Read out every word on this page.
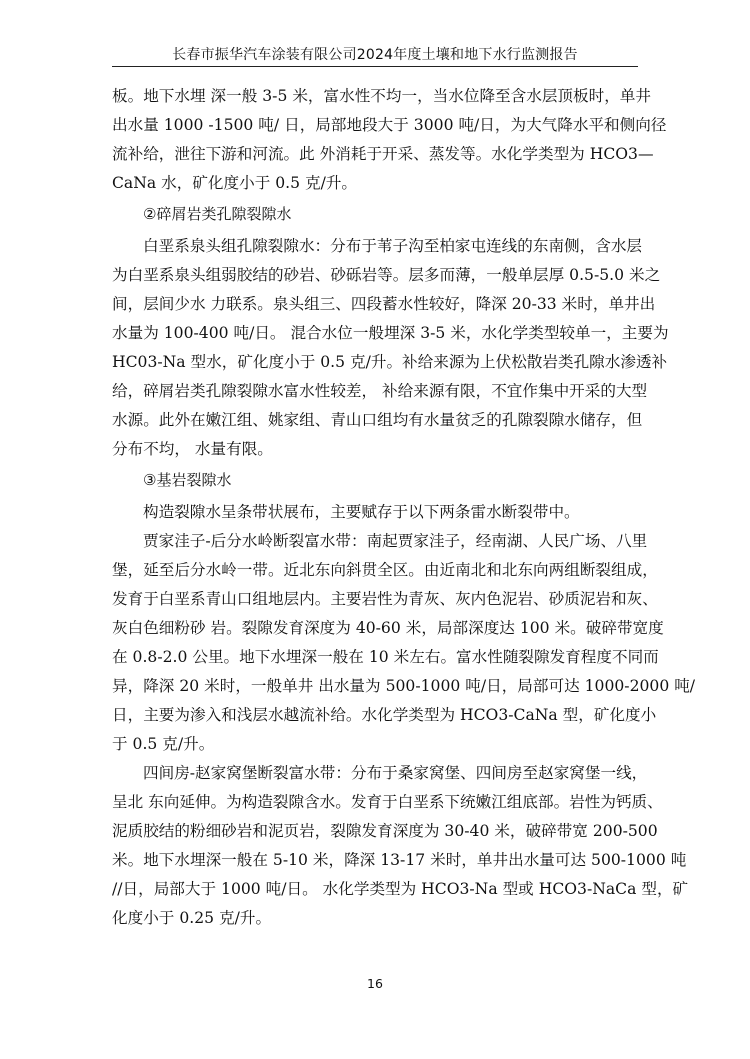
长春市振华汽车涂装有限公司2024年度土壤和地下水行监测报告
板。地下水埋 深一般 3-5 米，富水性不均一，当水位降至含水层顶板时，单井
出水量 1000 -1500 吨/ 日，局部地段大于 3000 吨/日，为大气降水平和侧向径
流补给，泄往下游和河流。此 外消耗于开采、蒸发等。水化学类型为 HCO3—
CaNa 水，矿化度小于 0.5 克/升。
②碎屑岩类孔隙裂隙水
白垩系泉头组孔隙裂隙水：分布于苇子沟至柏家屯连线的东南侧，含水层
为白垩系泉头组弱胶结的砂岩、砂砾岩等。层多而薄，一般单层厚 0.5-5.0 米之
间，层间少水 力联系。泉头组三、四段蓄水性较好，降深 20-33 米时，单井出
水量为 100-400 吨/日。 混合水位一般埋深 3-5 米，水化学类型较单一，主要为
HC03-Na 型水，矿化度小于 0.5 克/升。补给来源为上伏松散岩类孔隙水渗透补
给，碎屑岩类孔隙裂隙水富水性较差， 补给来源有限，不宜作集中开采的大型
水源。此外在嫩江组、姚家组、青山口组均有水量贫乏的孔隙裂隙水储存，但
分布不均， 水量有限。
③基岩裂隙水
构造裂隙水呈条带状展布，主要赋存于以下两条雷水断裂带中。
贾家洼子-后分水岭断裂富水带：南起贾家洼子，经南湖、人民广场、八里
堡，延至后分水岭一带。近北东向斜贯全区。由近南北和北东向两组断裂组成，
发育于白垩系青山口组地层内。主要岩性为青灰、灰内色泥岩、砂质泥岩和灰、
灰白色细粉砂 岩。裂隙发育深度为 40-60 米，局部深度达 100 米。破碎带宽度
在 0.8-2.0 公里。地下水埋深一般在 10 米左右。富水性随裂隙发育程度不同而
异，降深 20 米时，一般单井 出水量为 500-1000 吨/日，局部可达 1000-2000 吨/
日，主要为渗入和浅层水越流补给。水化学类型为 HCO3-CaNa 型，矿化度小
于 0.5 克/升。
四间房-赵家窝堡断裂富水带：分布于桑家窝堡、四间房至赵家窝堡一线，
呈北 东向延伸。为构造裂隙含水。发育于白垩系下统嫩江组底部。岩性为钙质、
泥质胶结的粉细砂岩和泥页岩，裂隙发育深度为 30-40 米，破碎带宽 200-500
米。地下水埋深一般在 5-10 米，降深 13-17 米时，单井出水量可达 500-1000 吨
//日，局部大于 1000 吨/日。 水化学类型为 HCO3-Na 型或 HCO3-NaCa 型，矿
化度小于 0.25 克/升。
16
